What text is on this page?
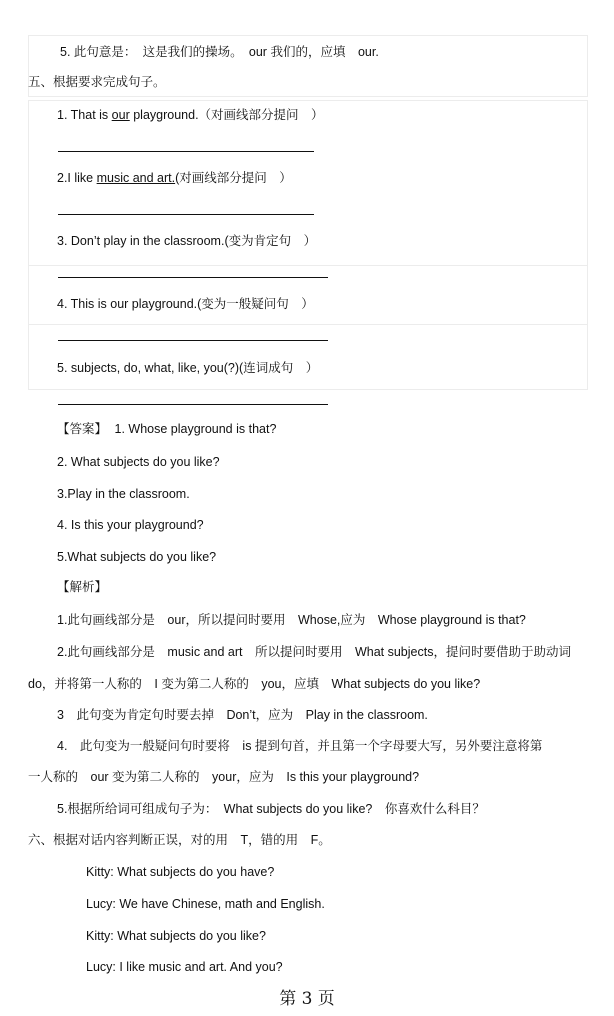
5. 此句意是：　这是我们的操场。　our 我们的，应填　our.
五、根据要求完成句子。
1. That is our playground.（对画线部分提问　）
2.I like music and art.(对画线部分提问　）
3. Don’t play in the classroom.(变为肯定句　）
4. This is our playground.(变为一般疑问句　）
5. subjects, do, what, like, you(?)(连词成句　）
【答案】 1. Whose playground is that?
2. What subjects do you like?
3.Play in the classroom.
4. Is this your playground?
5.What subjects do you like?
【解析】
1.此句画线部分是　our，所以提问时要用　Whose,应为　Whose playground is that?
2.此句画线部分是　music and art　所以提问时要用　What subjects，提问时要借助于助动词
do，并将第一人称的　I 变为第二人称的　you，应填　What subjects do you like?
3　此句变为肯定句时要去掉　Don’t，应为　Play in the classroom.
4.　此句变为一般疑问句时要将　is 提到句首，并且第一个字母要大写，另外要注意将第
一人称的　our 变为第二人称的　your，应为　Is this your playground?
5.根据所给词可组成句子为：　What subjects do you like?　你喜欢什么科目？
六、根据对话内容判断正误，对的用　T，错的用　F。
Kitty: What subjects do you have?
Lucy: We have Chinese, math and English.
Kitty: What subjects do you like?
Lucy: I like music and art. And you?
第 3 页
